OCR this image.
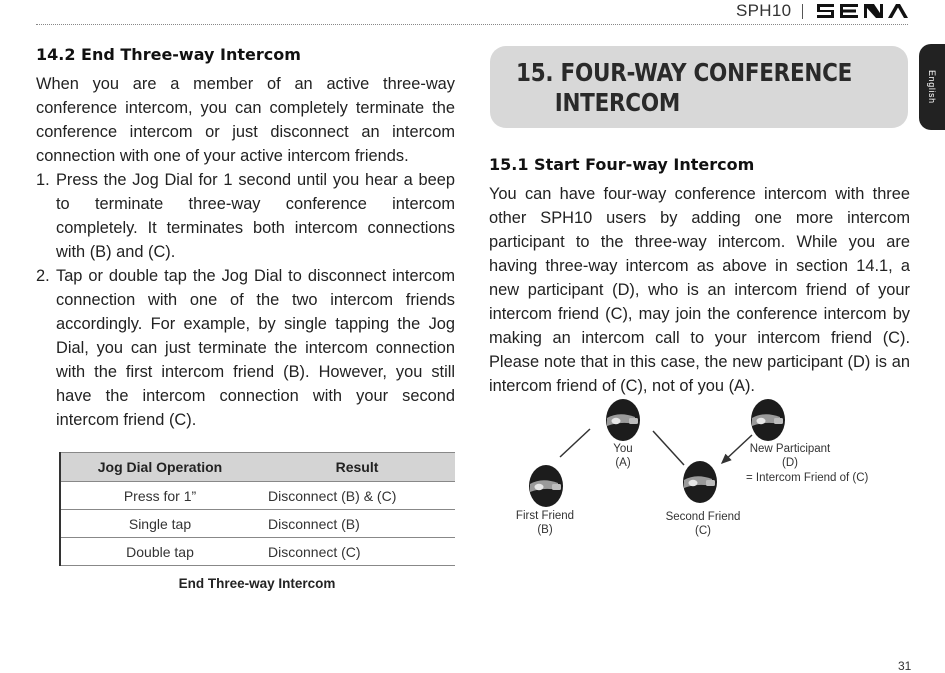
SPH10
English
14.2 End Three-way Intercom

When you are a member of an active three-way conference intercom, you can completely terminate the conference intercom or just disconnect an intercom connection with one of your active intercom friends.

1. Press the Jog Dial for 1 second until you hear a beep to terminate three-way conference intercom completely. It terminates both intercom connections with (B) and (C).
2. Tap or double tap the Jog Dial to disconnect intercom connection with one of the two intercom friends accordingly. For example, by single tapping the Jog Dial, you can just terminate the intercom connection with the first intercom friend (B). However, you still have the intercom connection with your second intercom friend (C).
Jog Dial Operation	Result
Press for 1”	Disconnect (B) & (C)
Single tap	Disconnect (B)
Double tap	Disconnect (C)
End Three-way Intercom
15. FOUR-WAY CONFERENCE
INTERCOM
15.1 Start Four-way Intercom

You can have four-way conference intercom with three other SPH10 users by adding one more intercom participant to the three-way intercom. While you are having three-way intercom as above in section 14.1, a new participant (D), who is an intercom friend of your intercom friend (C), may join the conference intercom by making an intercom call to your intercom friend (C). Please note that in this case, the new participant (D) is an intercom friend of (C), not of you (A).

You
(A)
First Friend
(B)
Second Friend
(C)
New Participant
(D)
= Intercom Friend of (C)
31
